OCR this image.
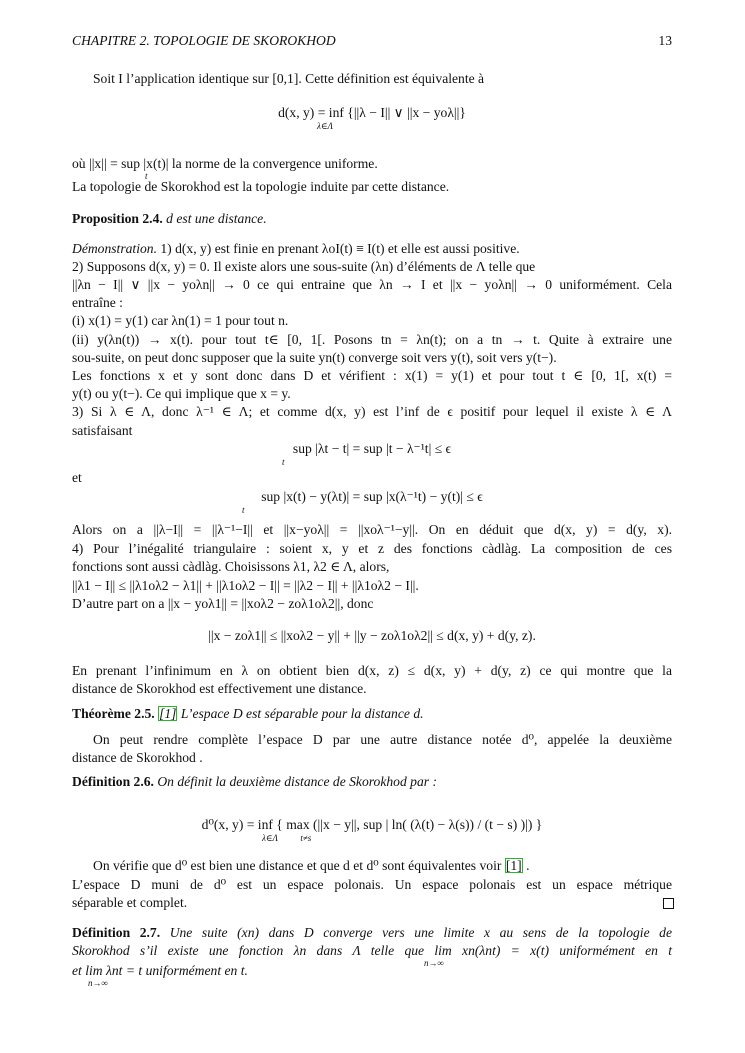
CHAPITRE 2. TOPOLOGIE DE SKOROKHOD	13
Soit I l’application identique sur [0,1]. Cette définition est équivalente à
d(x, y) = inf {||λ − I|| ∨ ||x − yoλ||}
λ∈Λ
où ||x|| = sup |x(t)| la norme de la convergence uniforme.
t
La topologie de Skorokhod est la topologie induite par cette distance.
Proposition 2.4. d est une distance.
Démonstration. 1) d(x, y) est finie en prenant λoI(t) ≡ I(t) et elle est aussi positive.
2) Supposons d(x, y) = 0. Il existe alors une sous-suite (λn) d’éléments de Λ telle que
||λn − I|| ∨ ||x − yoλn|| → 0 ce qui entraine que λn → I et ||x − yoλn|| → 0 uniformément. Cela
entraîne :
(i) x(1) = y(1) car λn(1) = 1 pour tout n.
(ii) y(λn(t)) → x(t). pour tout t∈ [0, 1[. Posons tn = λn(t); on a tn → t. Quite à extraire une
sou-suite, on peut donc supposer que la suite yn(t) converge soit vers y(t), soit vers y(t−).
Les fonctions x et y sont donc dans D et vérifient : x(1) = y(1) et pour tout t ∈ [0, 1[, x(t) =
y(t) ou y(t−). Ce qui implique que x = y.
3) Si λ ∈ Λ, donc λ⁻¹ ∈ Λ; et comme d(x, y) est l’inf de ϵ positif pour lequel il existe λ ∈ Λ
satisfaisant
sup |λt − t| = sup |t − λ⁻¹t| ≤ ϵ
t
et
sup |x(t) − y(λt)| = sup |x(λ⁻¹t) − y(t)| ≤ ϵ
t
Alors on a ||λ−I|| = ||λ⁻¹−I|| et ||x−yoλ|| = ||xoλ⁻¹−y||. On en déduit que d(x, y) = d(y, x).
4) Pour l’inégalité triangulaire : soient x, y et z des fonctions càdlàg. La composition de ces
fonctions sont aussi càdlàg. Choisissons λ1, λ2 ∈ Λ, alors,
||λ1 − I|| ≤ ||λ1oλ2 − λ1|| + ||λ1oλ2 − I|| = ||λ2 − I|| + ||λ1oλ2 − I||.
D’autre part on a ||x − yoλ1|| = ||xoλ2 − zoλ1oλ2||, donc
||x − zoλ1|| ≤ ||xoλ2 − y|| + ||y − zoλ1oλ2|| ≤ d(x, y) + d(y, z).
En prenant l’infinimum en λ on obtient bien d(x, z) ≤ d(x, y) + d(y, z) ce qui montre que la
distance de Skorokhod est effectivement une distance.
Théorème 2.5. [1] L’espace D est séparable pour la distance d.
On peut rendre complète l’espace D par une autre distance notée d⁰, appelée la deuxième
distance de Skorokhod .
Définition 2.6. On définit la deuxième distance de Skorokhod par :
d⁰(x, y) = inf { max (||x − y||, sup | ln( (λ(t) − λ(s)) / (t − s) )|) }
λ∈Λ          t≠s
On vérifie que d⁰ est bien une distance et que d et d⁰ sont équivalentes voir [1] .
L’espace D muni de d⁰ est un espace polonais. Un espace polonais est un espace métrique
séparable et complet.
Définition 2.7. Une suite (xn) dans D converge vers une limite x au sens de la topologie de
Skorokhod s’il existe une fonction λn dans Λ telle que lim xn(λnt) = x(t) uniformément en t
n→∞
et lim λnt = t uniformément en t.
n→∞
